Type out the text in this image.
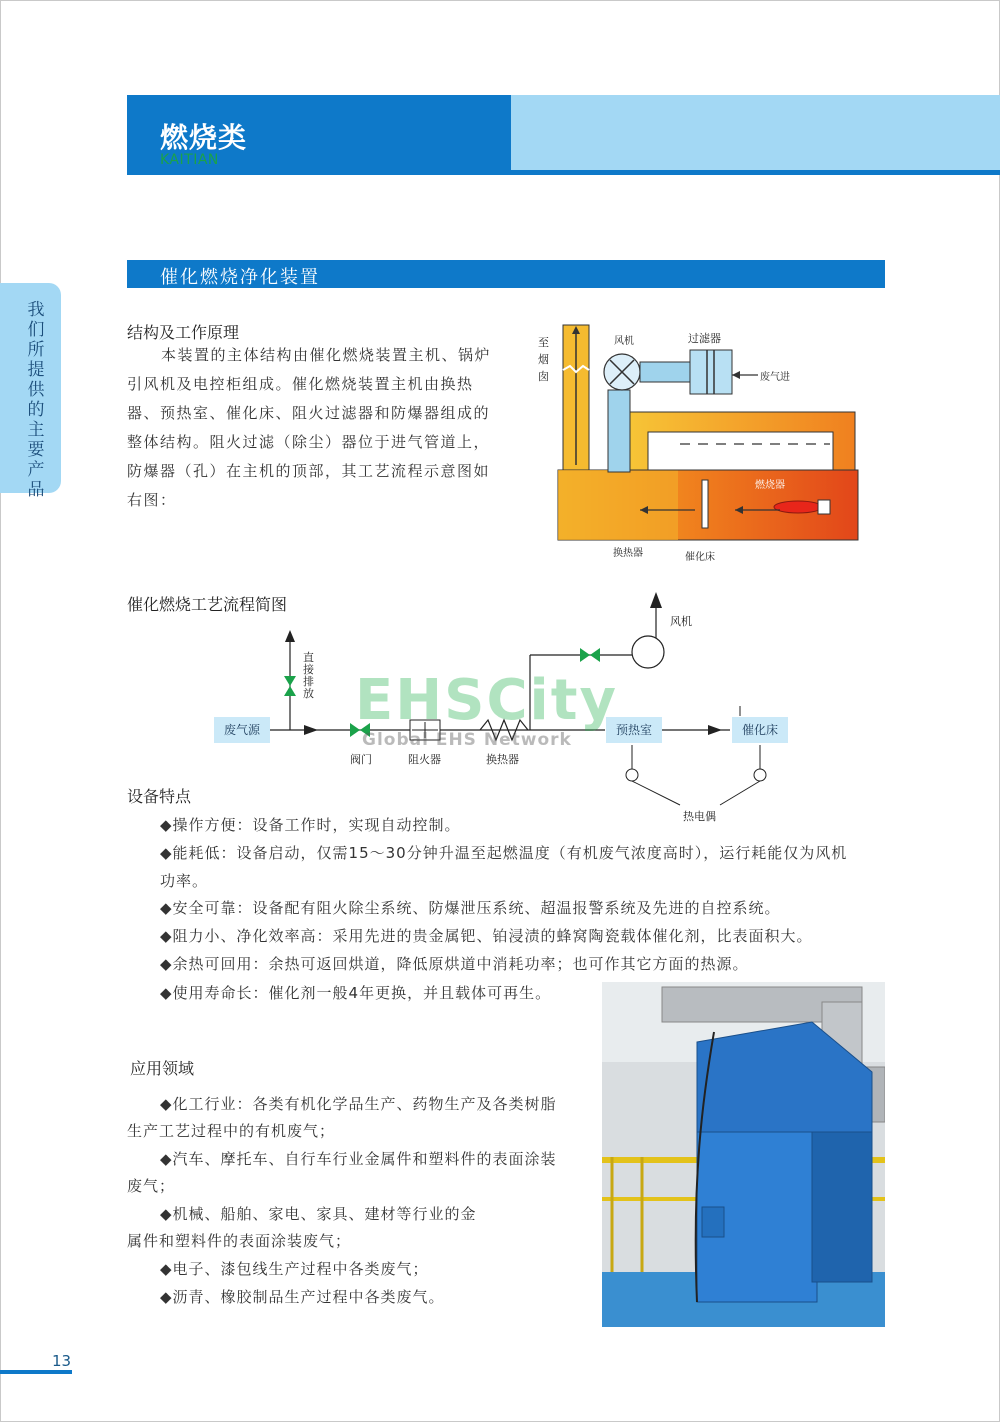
燃烧类
KAITIAN
我们所提供的主要产品
催化燃烧净化装置
结构及工作原理
本装置的主体结构由催化燃烧装置主机、锅炉
引风机及电控柜组成。催化燃烧装置主机由换热
器、预热室、催化床、阻火过滤器和防爆器组成的
整体结构。阻火过滤（除尘）器位于进气管道上，
防爆器（孔）在主机的顶部，其工艺流程示意图如
右图：
至
烟
囱
风机	过滤器
废气进
燃烧器
换热器	催化床
催化燃烧工艺流程简图
废气源	预热室	催化床
直接排放
阀门	阻火器	换热器
风机
热电偶
EHSCity
Global EHS Network
设备特点
◆操作方便：设备工作时，实现自动控制。
◆能耗低：设备启动，仅需15～30分钟升温至起燃温度（有机废气浓度高时），运行耗能仅为风机
功率。
◆安全可靠：设备配有阻火除尘系统、防爆泄压系统、超温报警系统及先进的自控系统。
◆阻力小、净化效率高：采用先进的贵金属钯、铂浸渍的蜂窝陶瓷载体催化剂，比表面积大。
◆余热可回用：余热可返回烘道，降低原烘道中消耗功率；也可作其它方面的热源。
◆使用寿命长：催化剂一般4年更换，并且载体可再生。
应用领域
◆化工行业：各类有机化学品生产、药物生产及各类树脂
生产工艺过程中的有机废气；
◆汽车、摩托车、自行车行业金属件和塑料件的表面涂装
废气；
◆机械、船舶、家电、家具、建材等行业的金
属件和塑料件的表面涂装废气；
◆电子、漆包线生产过程中各类废气；
◆沥青、橡胶制品生产过程中各类废气。
13
